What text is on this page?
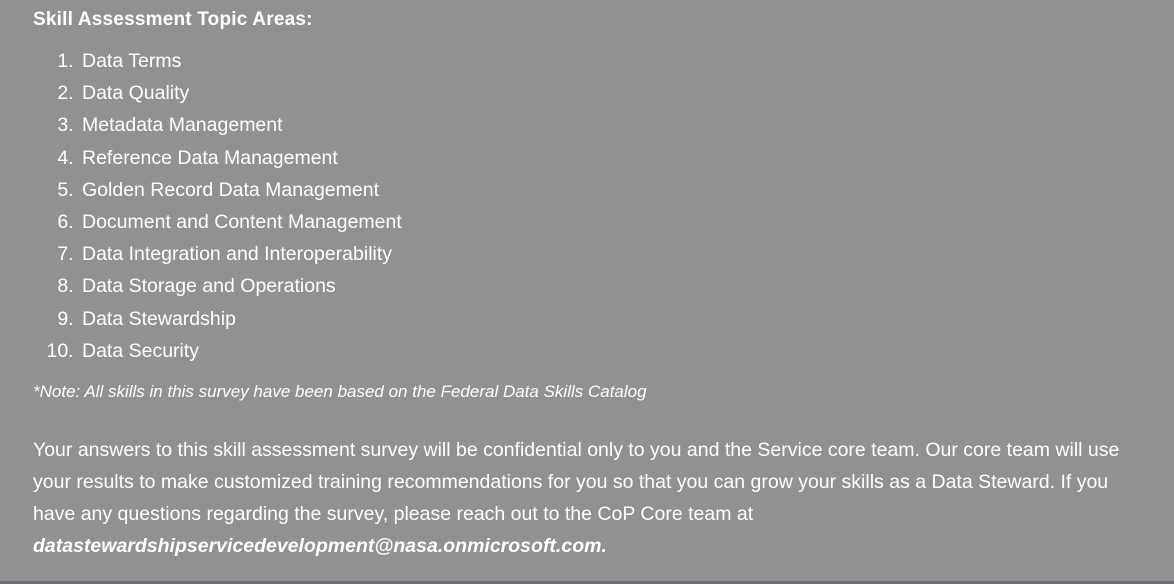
Skill Assessment Topic Areas:

1. Data Terms
2. Data Quality
3. Metadata Management
4. Reference Data Management
5. Golden Record Data Management
6. Document and Content Management
7. Data Integration and Interoperability
8. Data Storage and Operations
9. Data Stewardship
10. Data Security

*Note: All skills in this survey have been based on the Federal Data Skills Catalog

Your answers to this skill assessment survey will be confidential only to you and the Service core team. Our core team will use your results to make customized training recommendations for you so that you can grow your skills as a Data Steward. If you have any questions regarding the survey, please reach out to the CoP Core team at datastewardshipservicedevelopment@nasa.onmicrosoft.com.
